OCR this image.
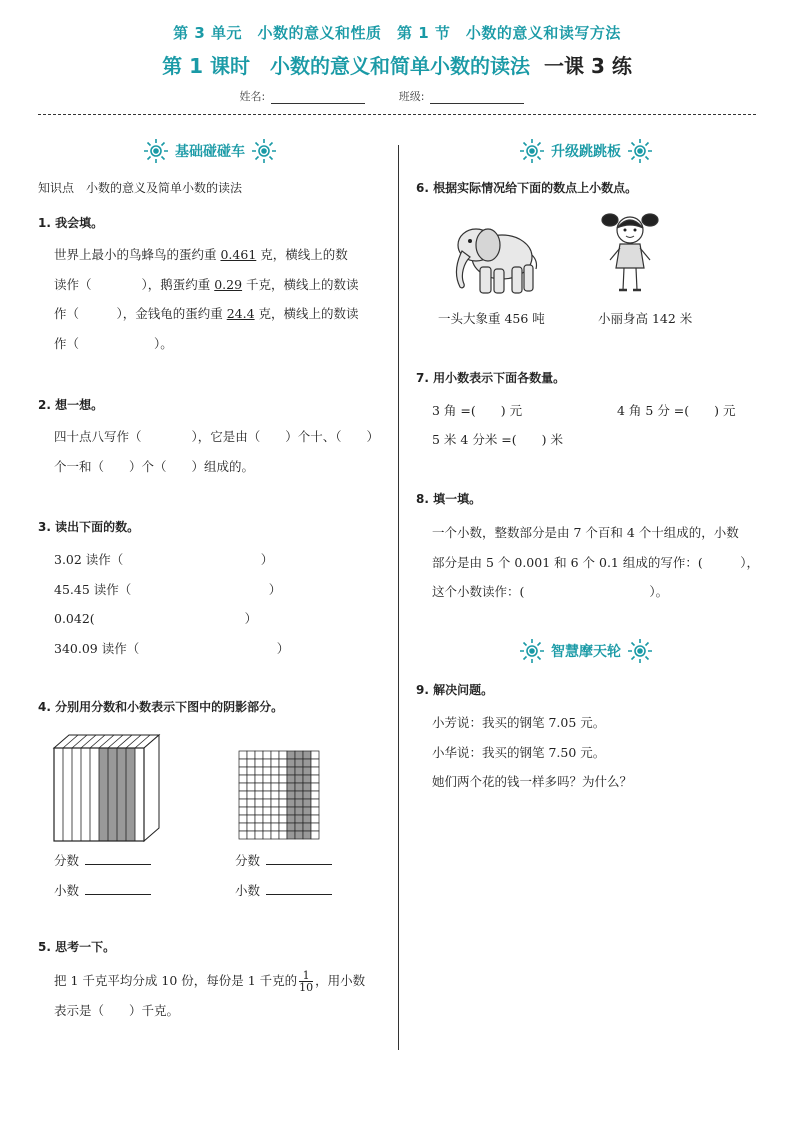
第 3 单元　小数的意义和性质　第 1 节　小数的意义和读写方法
第 1 课时　小数的意义和简单小数的读法 一课 3 练
姓名:	班级:
基础碰碰车	升级跳跳板
智慧摩天轮
知识点　小数的意义及简单小数的读法
1. 我会填。
世界上最小的鸟蜂鸟的蛋约重 0.461 克，横线上的数
读作（　　　　），鹅蛋约重 0.29 千克，横线上的数读
作（　　　），金钱龟的蛋约重 24.4 克，横线上的数读
作（　　　　　　）。
2. 想一想。
四十点八写作（　　　　），它是由（　　）个十、（　　）
个一和（　　）个（　　）组成的。
3. 读出下面的数。
3.02 读作（　　　　　　　　　　　）
45.45 读作（　　　　　　　　　　　）
0.042(　　　　　　　　　　　　）
340.09 读作（　　　　　　　　　　　）
4. 分别用分数和小数表示下图中的阴影部分。
分数
小数
分数
小数
5. 思考一下。
把 1 千克平均分成 10 份，每份是 1 千克的 $\frac{1}{10}$ ，用小数
表示是（　　）千克。
6. 根据实际情况给下面的数点上小数点。
一头大象重 456 吨	小丽身高 142 米
7. 用小数表示下面各数量。
3 角 =(　　) 元	4 角 5 分 =(　　) 元
5 米 4 分米 =(　　) 米
8. 填一填。
一个小数，整数部分是由 7 个百和 4 个十组成的，小数
部分是由 5 个 0.001 和 6 个 0.1 组成的写作：(　　　），
这个小数读作：(　　　　　　　　　　）。
9. 解决问题。
小芳说：我买的钢笔 7.05 元。
小华说：我买的钢笔 7.50 元。
她们两个花的钱一样多吗？为什么？
